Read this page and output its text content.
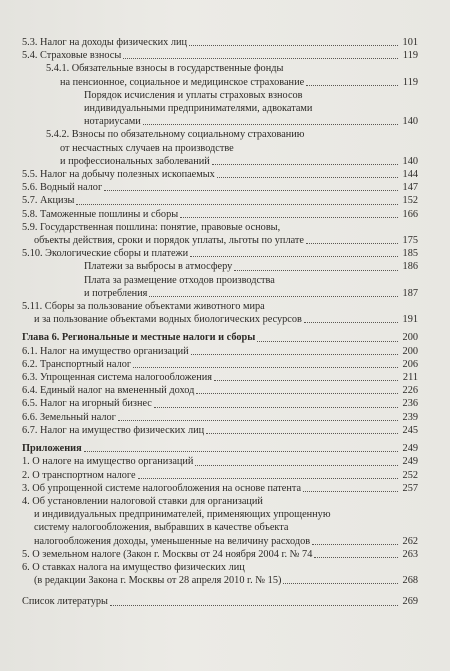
5.3. Налог на доходы физических лиц	101
5.4. Страховые взносы	119
5.4.1. Обязательные взносы в государственные фонды
на пенсионное, социальное и медицинское страхование	119
Порядок исчисления и уплаты страховых взносов
индивидуальными предпринимателями, адвокатами
нотариусами	140
5.4.2. Взносы по обязательному социальному страхованию
от несчастных случаев на производстве
и профессиональных заболеваний	140
5.5. Налог на добычу полезных ископаемых	144
5.6. Водный налог	147
5.7. Акцизы	152
5.8. Таможенные пошлины и сборы	166
5.9. Государственная пошлина: понятие, правовые основы,
объекты действия, сроки и порядок уплаты, льготы по уплате	175
5.10. Экологические сборы и платежи	185
Платежи за выбросы в атмосферу	186
Плата за размещение отходов производства
и потребления	187
5.11. Сборы за пользование объектами животного мира
и за пользование объектами водных биологических ресурсов	191
Глава 6. Региональные и местные налоги и сборы	200
6.1. Налог на имущество организаций	200
6.2. Транспортный налог	206
6.3. Упрощенная система налогообложения	211
6.4. Единый налог на вмененный доход	226
6.5. Налог на игорный бизнес	236
6.6. Земельный налог	239
6.7. Налог на имущество физических лиц	245
Приложения	249
1. О налоге на имущество организаций	249
2. О транспортном налоге	252
3. Об упрощенной системе налогообложения на основе патента	257
4. Об установлении налоговой ставки для организаций
и индивидуальных предпринимателей, применяющих упрощенную
систему налогообложения, выбравших в качестве объекта
налогообложения доходы, уменьшенные на величину расходов	262
5. О земельном налоге (Закон г. Москвы от 24 ноября 2004 г. № 74	263
6. О ставках налога на имущество физических лиц
(в редакции Закона г. Москвы от 28 апреля 2010 г. № 15)	268
Список литературы	269
